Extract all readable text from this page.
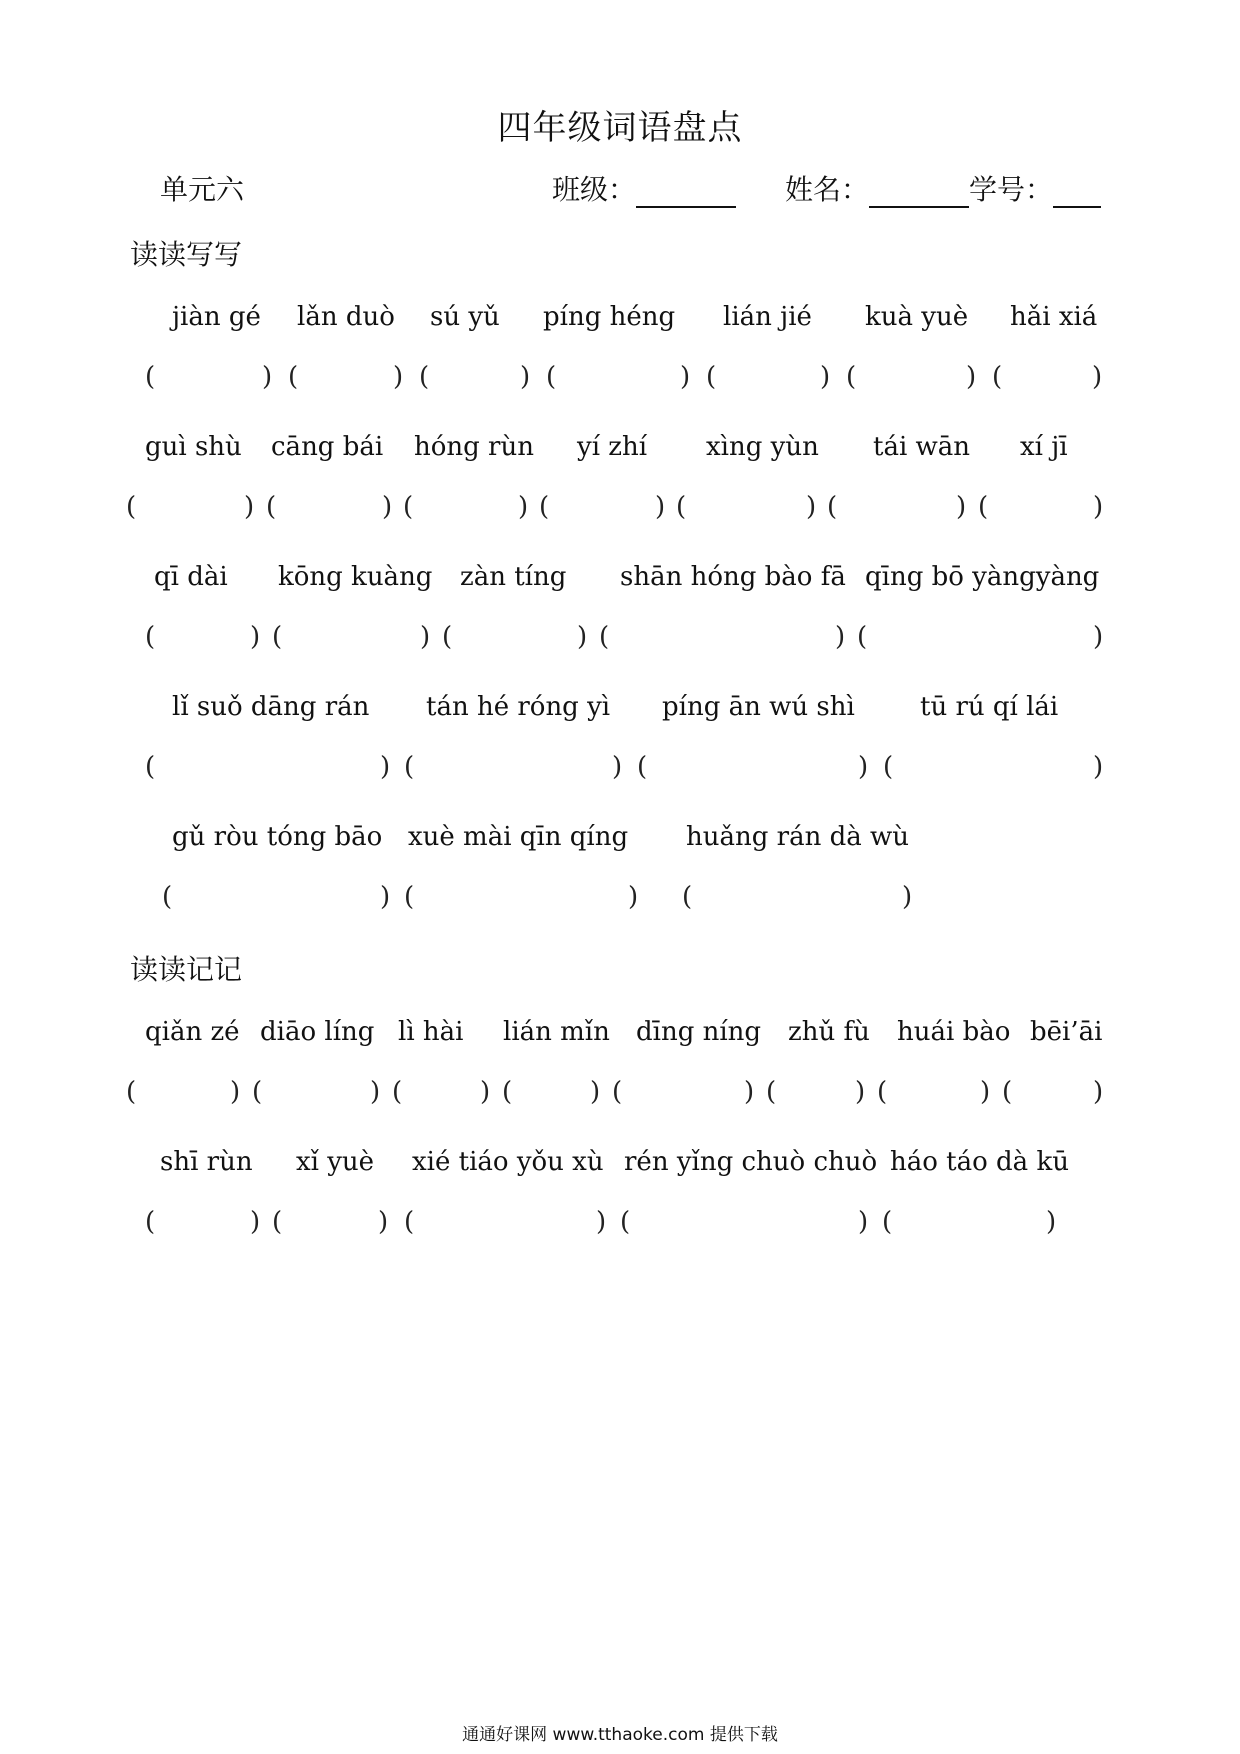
四年级词语盘点
单元六	班级：	姓名：	学号：
读读写写
jiàn gé lǎn duò sú yǔ píng héng lián jié kuà yuè hǎi xiá
(	) (	) (	) (	) (	) (	) (	)
guì shù cāng bái hóng rùn yí zhí xìng yùn tái wān xí jī
(	) (	) (	) (	) (	) (	) (	)
qī dài kōng kuàng zàn tíng shān hóng bào fā qīng bō yàngyàng
(	) (	) (	) (	) (	)
lǐ suǒ dāng rán tán hé róng yì píng ān wú shì	tū rú qí lái
(	) (	) (	) (	)
gǔ ròu tóng bāo xuè mài qīn qíng huǎng rán dà wù
(	) (	) (	)
读读记记
qiǎn zé diāo líng lì hài lián mǐn dīng níng zhǔ fù huái bào bēi’āi
(	) (	) (	) (	) (	) (	) (	) (	)
shī rùn xǐ yuè xié tiáo yǒu xù rén yǐng chuò chuò háo táo dà kū
(	) (	) (	) (	) (	)
通通好课网 www.tthaoke.com 提供下载
